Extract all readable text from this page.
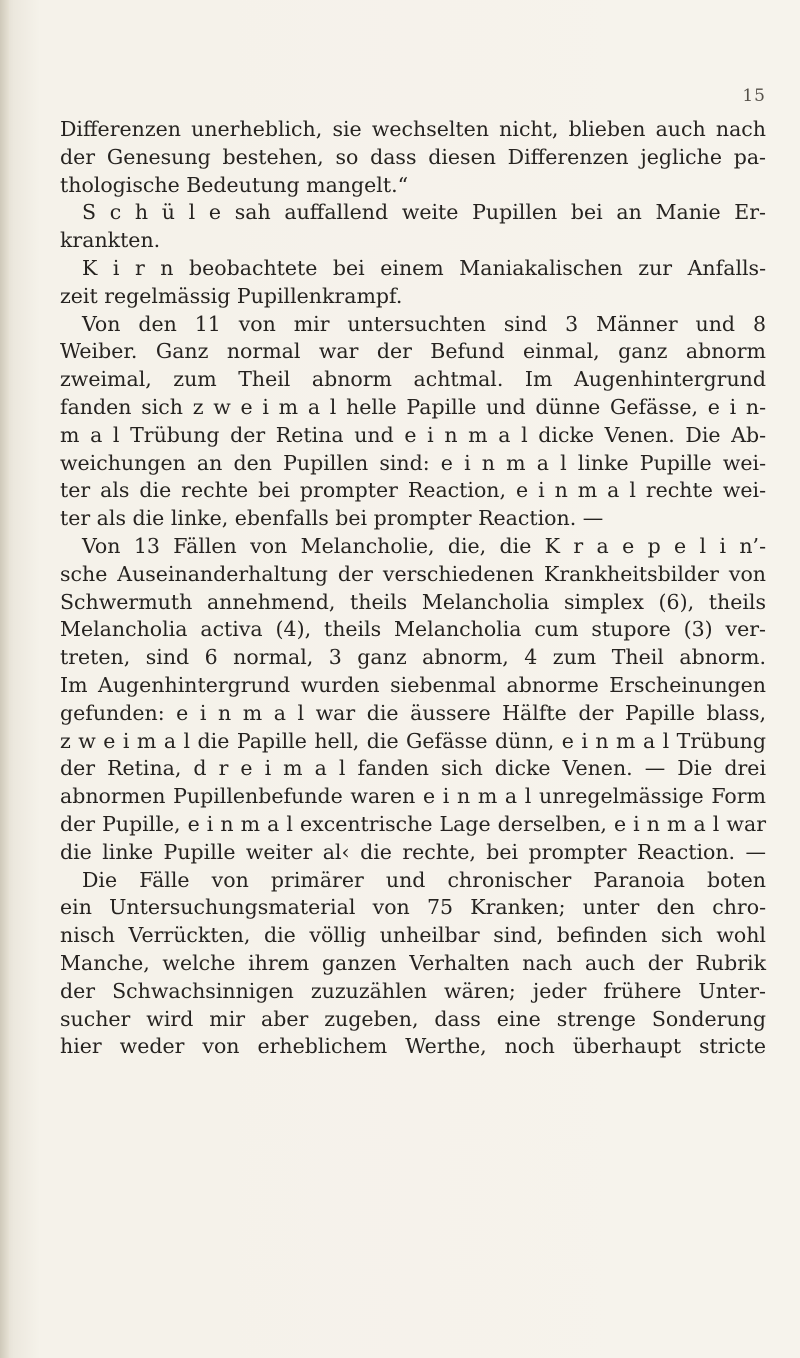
15
Differenzen unerheblich, sie wechselten nicht, blieben auch nach
der Genesung bestehen, so dass diesen Differenzen jegliche pa-
thologische Bedeutung mangelt.“
S c h ü l e sah auffallend weite Pupillen bei an Manie Er-
krankten.
K i r n beobachtete bei einem Maniakalischen zur Anfalls-
zeit regelmässig Pupillenkrampf.
Von den 11 von mir untersuchten sind 3 Männer und 8
Weiber. Ganz normal war der Befund einmal, ganz abnorm
zweimal, zum Theil abnorm achtmal. Im Augenhintergrund
fanden sich z w e i m a l helle Papille und dünne Gefässe, e i n-
m a l Trübung der Retina und e i n m a l dicke Venen. Die Ab-
weichungen an den Pupillen sind: e i n m a l linke Pupille wei-
ter als die rechte bei prompter Reaction, e i n m a l rechte wei-
ter als die linke, ebenfalls bei prompter Reaction. —
Von 13 Fällen von Melancholie, die, die K r a e p e l i n’-
sche Auseinanderhaltung der verschiedenen Krankheitsbilder von
Schwermuth annehmend, theils Melancholia simplex (6), theils
Melancholia activa (4), theils Melancholia cum stupore (3) ver-
treten, sind 6 normal, 3 ganz abnorm, 4 zum Theil abnorm.
Im Augenhintergrund wurden siebenmal abnorme Erscheinungen
gefunden: e i n m a l war die äussere Hälfte der Papille blass,
z w e i m a l die Papille hell, die Gefässe dünn, e i n m a l Trübung
der Retina, d r e i m a l fanden sich dicke Venen. — Die drei
abnormen Pupillenbefunde waren e i n m a l unregelmässige Form
der Pupille, e i n m a l excentrische Lage derselben, e i n m a l war
die linke Pupille weiter al‹ die rechte, bei prompter Reaction. —
Die Fälle von primärer und chronischer Paranoia boten
ein Untersuchungsmaterial von 75 Kranken; unter den chro-
nisch Verrückten, die völlig unheilbar sind, befinden sich wohl
Manche, welche ihrem ganzen Verhalten nach auch der Rubrik
der Schwachsinnigen zuzuzählen wären; jeder frühere Unter-
sucher wird mir aber zugeben, dass eine strenge Sonderung
hier weder von erheblichem Werthe, noch überhaupt stricte
